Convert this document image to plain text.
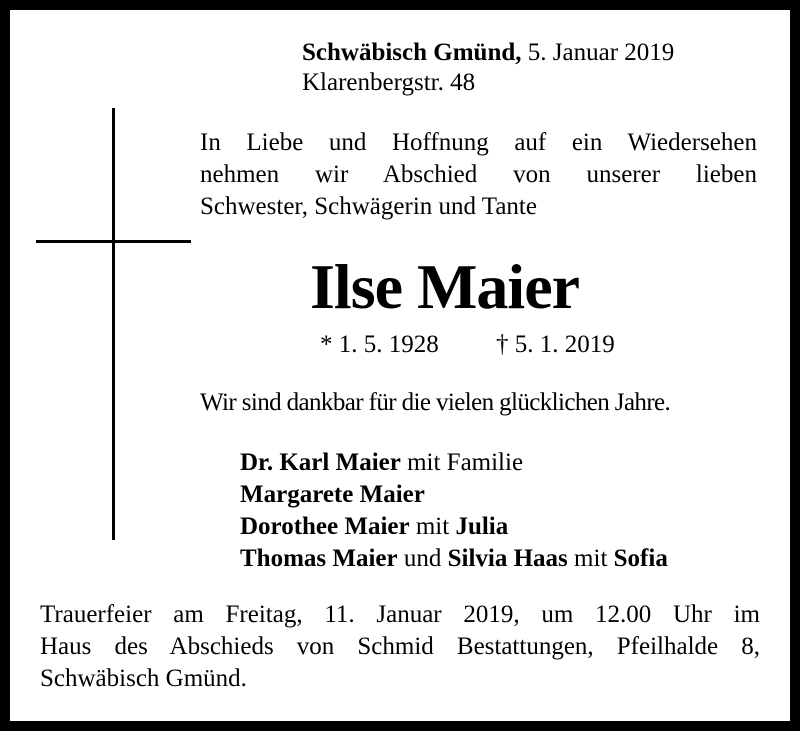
Schwäbisch Gmünd, 5. Januar 2019
Klarenbergstr. 48
In Liebe und Hoffnung auf ein Wiedersehen
nehmen wir Abschied von unserer lieben
Schwester, Schwägerin und Tante
Ilse Maier
* 1. 5. 1928 † 5. 1. 2019
Wir sind dankbar für die vielen glücklichen Jahre.
Dr. Karl Maier mit Familie
Margarete Maier
Dorothee Maier mit Julia
Thomas Maier und Silvia Haas mit Sofia
Trauerfeier am Freitag, 11. Januar 2019, um 12.00 Uhr im
Haus des Abschieds von Schmid Bestattungen, Pfeilhalde 8,
Schwäbisch Gmünd.
